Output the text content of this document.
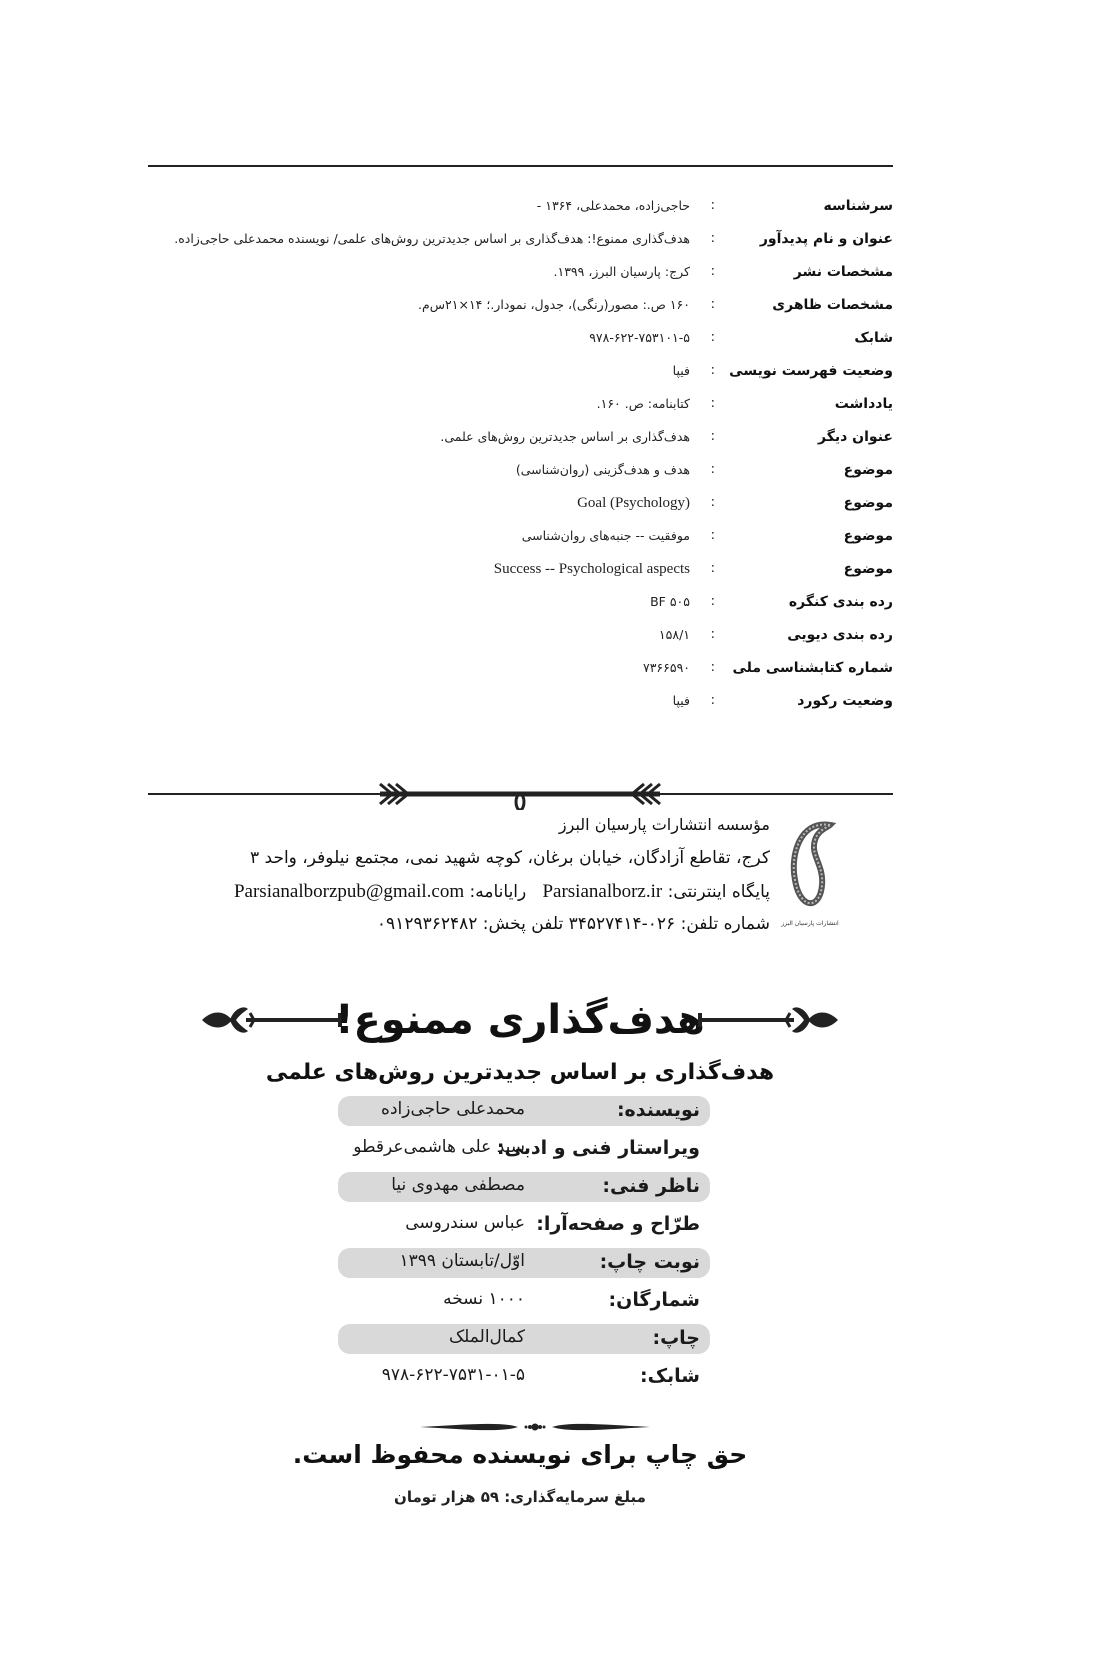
سرشناسه
:
حاجی‌زاده، محمدعلی، ۱۳۶۴ -
عنوان و نام پدیدآور
:
هدف‌گذاری ممنوع!: هدف‌گذاری بر اساس جدیدترین روش‌های علمی/ نویسنده محمدعلی حاجی‌زاده.
مشخصات نشر
:
کرج: پارسیان البرز، ۱۳۹۹.
مشخصات ظاهری
:
۱۶۰ ص.: مصور(رنگی)، جدول، نمودار.؛ ۱۴×۲۱س‌م.
شابک
:
۹۷۸-۶۲۲-۷۵۳۱۰۱-۵
وضعیت فهرست نویسی
:
فیپا
یادداشت
:
کتابنامه: ص. ۱۶۰.
عنوان دیگر
:
هدف‌گذاری بر اساس جدیدترین روش‌های علمی.
موضوع
:
هدف و هدف‌گزینی (روان‌شناسی)
موضوع
:
Goal (Psychology)
موضوع
:
موفقیت -- جنبه‌های روان‌شناسی
موضوع
:
Success -- Psychological aspects
رده بندی کنگره
:
BF ۵۰۵
رده بندی دیویی
:
۱۵۸/۱
شماره کتابشناسی ملی
:
۷۳۶۶۵۹۰
وضعیت رکورد
:
فیپا
انتشارات پارسیان البرز
مؤسسه انتشارات پارسیان البرز
کرج، تقاطع آزادگان، خیابان برغان، کوچه شهید نمی، مجتمع نیلوفر، واحد ۳
پایگاه اینترنتی: Parsianalborz.ir   رایانامه: Parsianalborzpub@gmail.com
شماره تلفن: ۰۲۶-۳۴۵۲۷۴۱۴ تلفن پخش: ۰۹۱۲۹۳۶۲۴۸۲
هدف‌گذاری ممنوع!
هدف‌گذاری بر اساس جدیدترین روش‌های علمی
نویسنده:
محمدعلی حاجی‌زاده
ویراستار فنی و ادبی:
سید علی هاشمی‌عرقطو
ناظر فنی:
مصطفی مهدوی نیا
طرّاح و صفحه‌آرا:
عباس سندروسی
نوبت چاپ:
اوّل/تابستان ۱۳۹۹
شمارگان:
۱۰۰۰ نسخه
چاپ:
کمال‌الملک
شابک:
۹۷۸-۶۲۲-۷۵۳۱-۰۱-۵
حق چاپ برای نویسنده محفوظ است.
مبلغ سرمایه‌گذاری: ۵۹ هزار تومان
